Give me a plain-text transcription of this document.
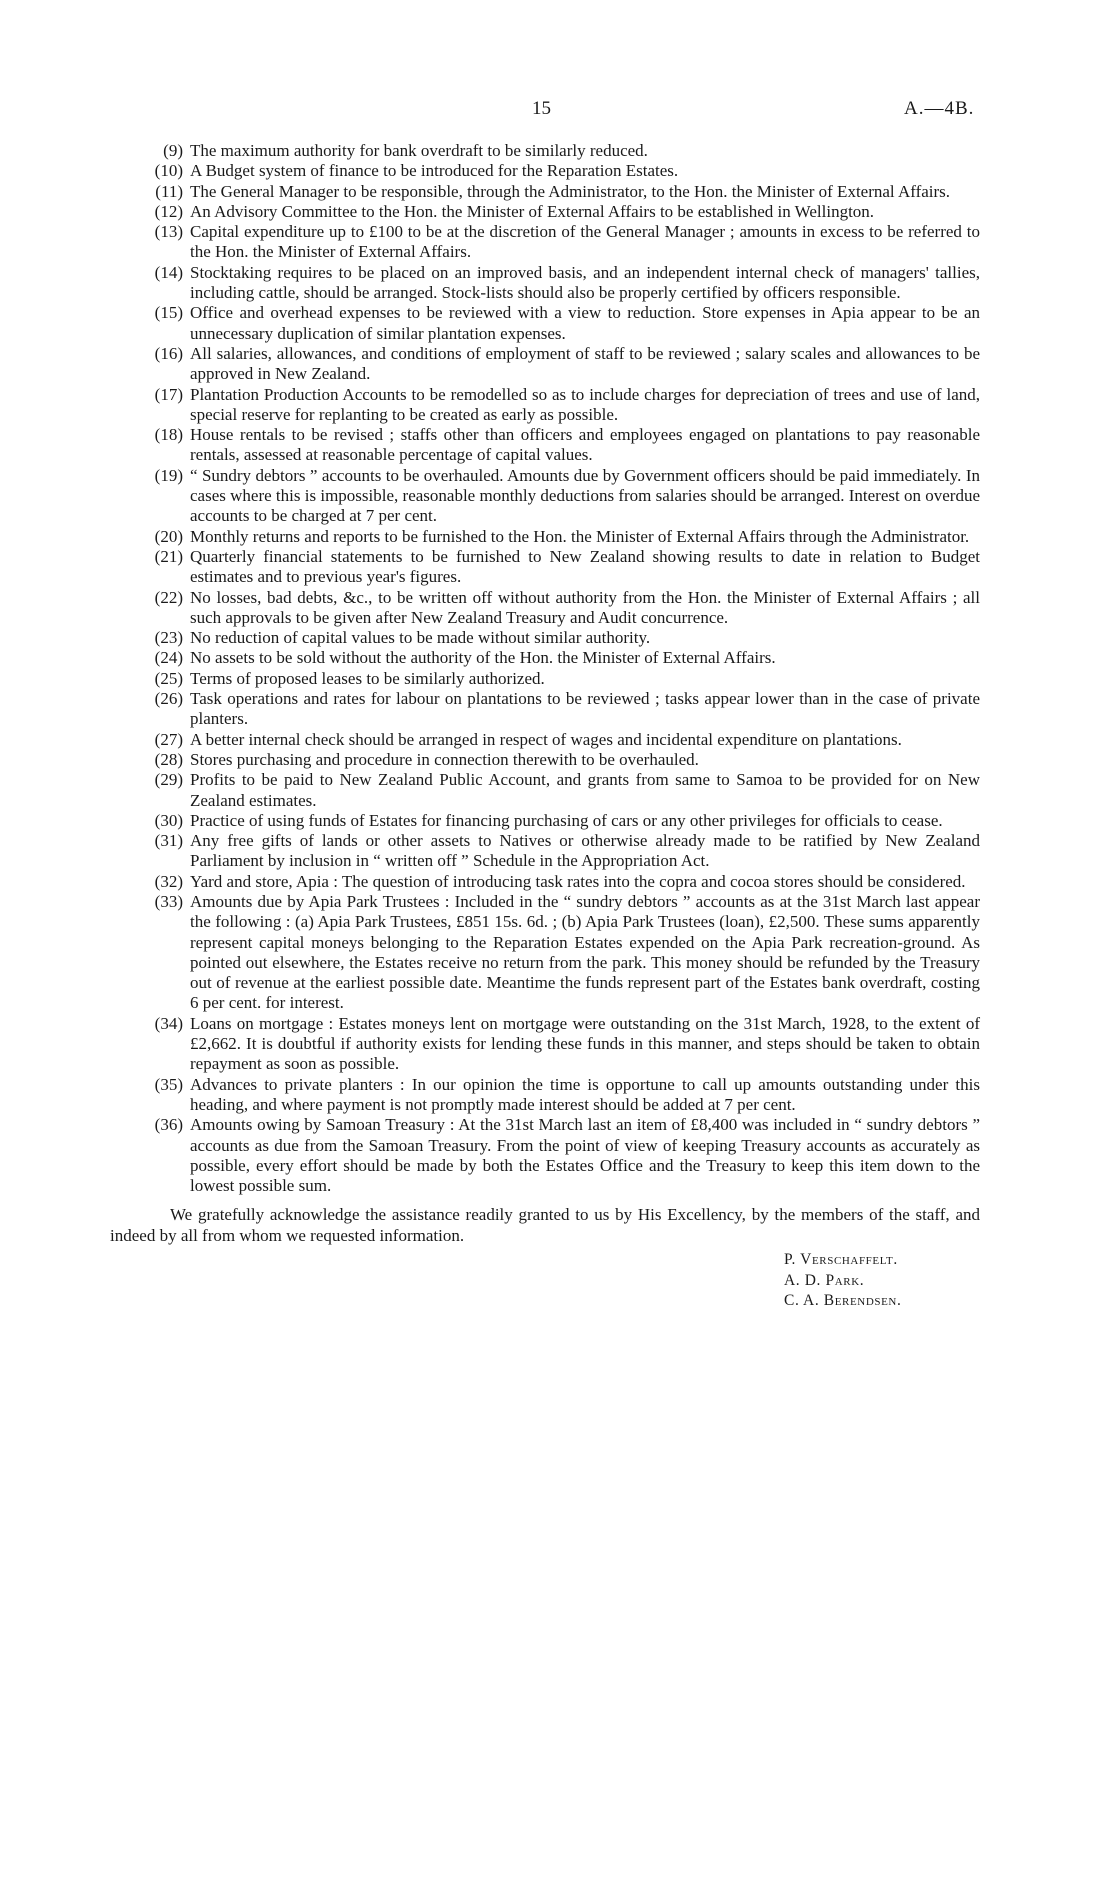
15	A.—4B.
(9) The maximum authority for bank overdraft to be similarly reduced.
(10) A Budget system of finance to be introduced for the Reparation Estates.
(11) The General Manager to be responsible, through the Administrator, to the Hon. the Minister of External Affairs.
(12) An Advisory Committee to the Hon. the Minister of External Affairs to be established in Wellington.
(13) Capital expenditure up to £100 to be at the discretion of the General Manager ; amounts in excess to be referred to the Hon. the Minister of External Affairs.
(14) Stocktaking requires to be placed on an improved basis, and an independent internal check of managers' tallies, including cattle, should be arranged. Stock-lists should also be properly certified by officers responsible.
(15) Office and overhead expenses to be reviewed with a view to reduction. Store expenses in Apia appear to be an unnecessary duplication of similar plantation expenses.
(16) All salaries, allowances, and conditions of employment of staff to be reviewed ; salary scales and allowances to be approved in New Zealand.
(17) Plantation Production Accounts to be remodelled so as to include charges for depreciation of trees and use of land, special reserve for replanting to be created as early as possible.
(18) House rentals to be revised ; staffs other than officers and employees engaged on plantations to pay reasonable rentals, assessed at reasonable percentage of capital values.
(19) “ Sundry debtors ” accounts to be overhauled. Amounts due by Government officers should be paid immediately. In cases where this is impossible, reasonable monthly deductions from salaries should be arranged. Interest on overdue accounts to be charged at 7 per cent.
(20) Monthly returns and reports to be furnished to the Hon. the Minister of External Affairs through the Administrator.
(21) Quarterly financial statements to be furnished to New Zealand showing results to date in relation to Budget estimates and to previous year's figures.
(22) No losses, bad debts, &c., to be written off without authority from the Hon. the Minister of External Affairs ; all such approvals to be given after New Zealand Treasury and Audit concurrence.
(23) No reduction of capital values to be made without similar authority.
(24) No assets to be sold without the authority of the Hon. the Minister of External Affairs.
(25) Terms of proposed leases to be similarly authorized.
(26) Task operations and rates for labour on plantations to be reviewed ; tasks appear lower than in the case of private planters.
(27) A better internal check should be arranged in respect of wages and incidental expenditure on plantations.
(28) Stores purchasing and procedure in connection therewith to be overhauled.
(29) Profits to be paid to New Zealand Public Account, and grants from same to Samoa to be provided for on New Zealand estimates.
(30) Practice of using funds of Estates for financing purchasing of cars or any other privileges for officials to cease.
(31) Any free gifts of lands or other assets to Natives or otherwise already made to be ratified by New Zealand Parliament by inclusion in “ written off ” Schedule in the Appropriation Act.
(32) Yard and store, Apia : The question of introducing task rates into the copra and cocoa stores should be considered.
(33) Amounts due by Apia Park Trustees : Included in the “ sundry debtors ” accounts as at the 31st March last appear the following : (a) Apia Park Trustees, £851 15s. 6d. ; (b) Apia Park Trustees (loan), £2,500. These sums apparently represent capital moneys belonging to the Reparation Estates expended on the Apia Park recreation-ground. As pointed out elsewhere, the Estates receive no return from the park. This money should be refunded by the Treasury out of revenue at the earliest possible date. Meantime the funds represent part of the Estates bank overdraft, costing 6 per cent. for interest.
(34) Loans on mortgage : Estates moneys lent on mortgage were outstanding on the 31st March, 1928, to the extent of £2,662. It is doubtful if authority exists for lending these funds in this manner, and steps should be taken to obtain repayment as soon as possible.
(35) Advances to private planters : In our opinion the time is opportune to call up amounts outstanding under this heading, and where payment is not promptly made interest should be added at 7 per cent.
(36) Amounts owing by Samoan Treasury : At the 31st March last an item of £8,400 was included in “ sundry debtors ” accounts as due from the Samoan Treasury. From the point of view of keeping Treasury accounts as accurately as possible, every effort should be made by both the Estates Office and the Treasury to keep this item down to the lowest possible sum.
We gratefully acknowledge the assistance readily granted to us by His Excellency, by the members of the staff, and indeed by all from whom we requested information.
P. Verschaffelt.
A. D. Park.
C. A. Berendsen.
